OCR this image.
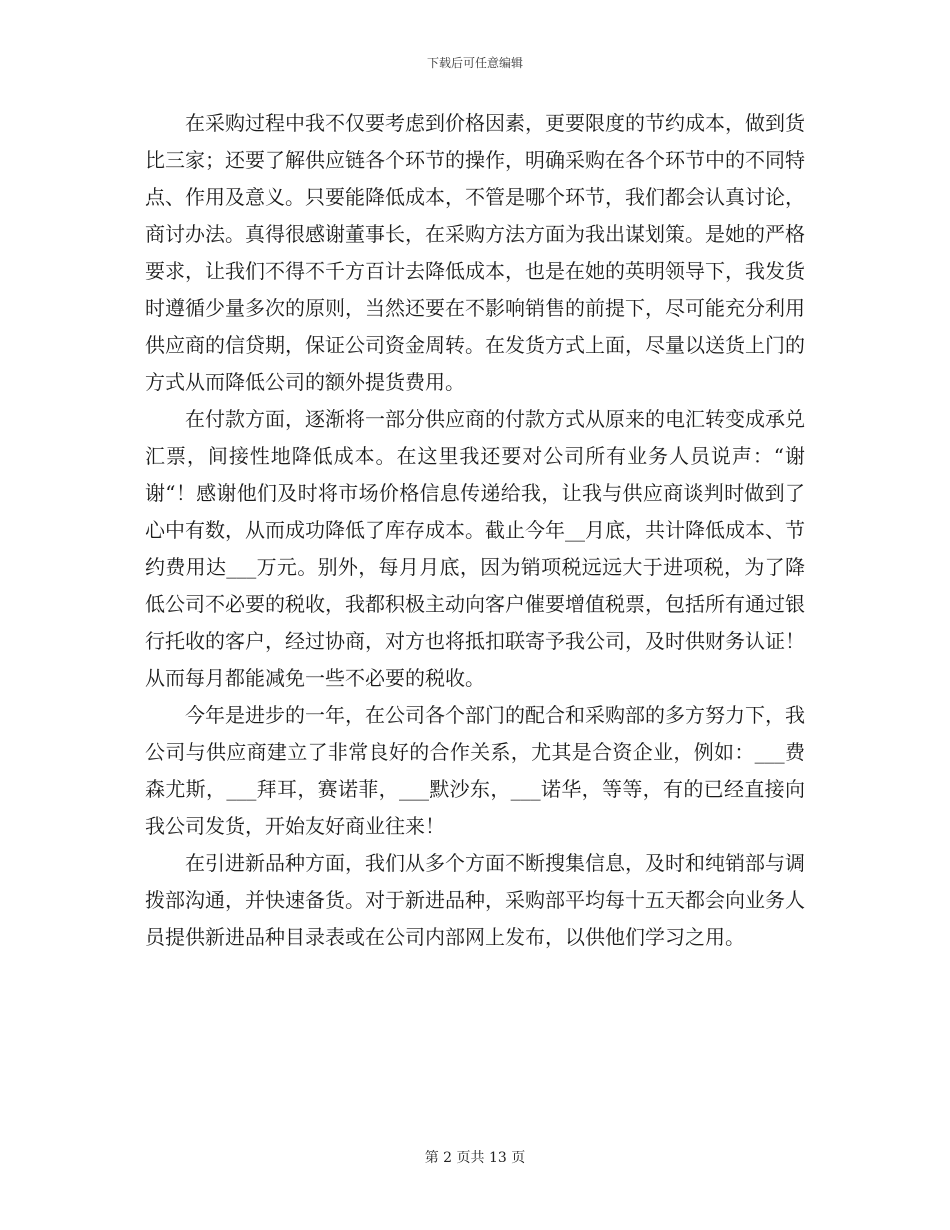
下载后可任意编辑

在采购过程中我不仅要考虑到价格因素，更要限度的节约成本，做到货比三家；还要了解供应链各个环节的操作，明确采购在各个环节中的不同特点、作用及意义。只要能降低成本，不管是哪个环节，我们都会认真讨论，商讨办法。真得很感谢董事长，在采购方法方面为我出谋划策。是她的严格要求，让我们不得不千方百计去降低成本，也是在她的英明领导下，我发货时遵循少量多次的原则，当然还要在不影响销售的前提下，尽可能充分利用供应商的信贷期，保证公司资金周转。在发货方式上面，尽量以送货上门的方式从而降低公司的额外提货费用。

在付款方面，逐渐将一部分供应商的付款方式从原来的电汇转变成承兑汇票，间接性地降低成本。在这里我还要对公司所有业务人员说声：“谢谢“！感谢他们及时将市场价格信息传递给我，让我与供应商谈判时做到了心中有数，从而成功降低了库存成本。截止今年__月底，共计降低成本、节约费用达___万元。别外，每月月底，因为销项税远远大于进项税，为了降低公司不必要的税收，我都积极主动向客户催要增值税票，包括所有通过银行托收的客户，经过协商，对方也将抵扣联寄予我公司，及时供财务认证！从而每月都能减免一些不必要的税收。

今年是进步的一年，在公司各个部门的配合和采购部的多方努力下，我公司与供应商建立了非常良好的合作关系，尤其是合资企业，例如：___费森尤斯，___拜耳，赛诺菲，___默沙东，___诺华，等等，有的已经直接向我公司发货，开始友好商业往来！

在引进新品种方面，我们从多个方面不断搜集信息，及时和纯销部与调拨部沟通，并快速备货。对于新进品种，采购部平均每十五天都会向业务人员提供新进品种目录表或在公司内部网上发布，以供他们学习之用。

第 2 页共 13 页
